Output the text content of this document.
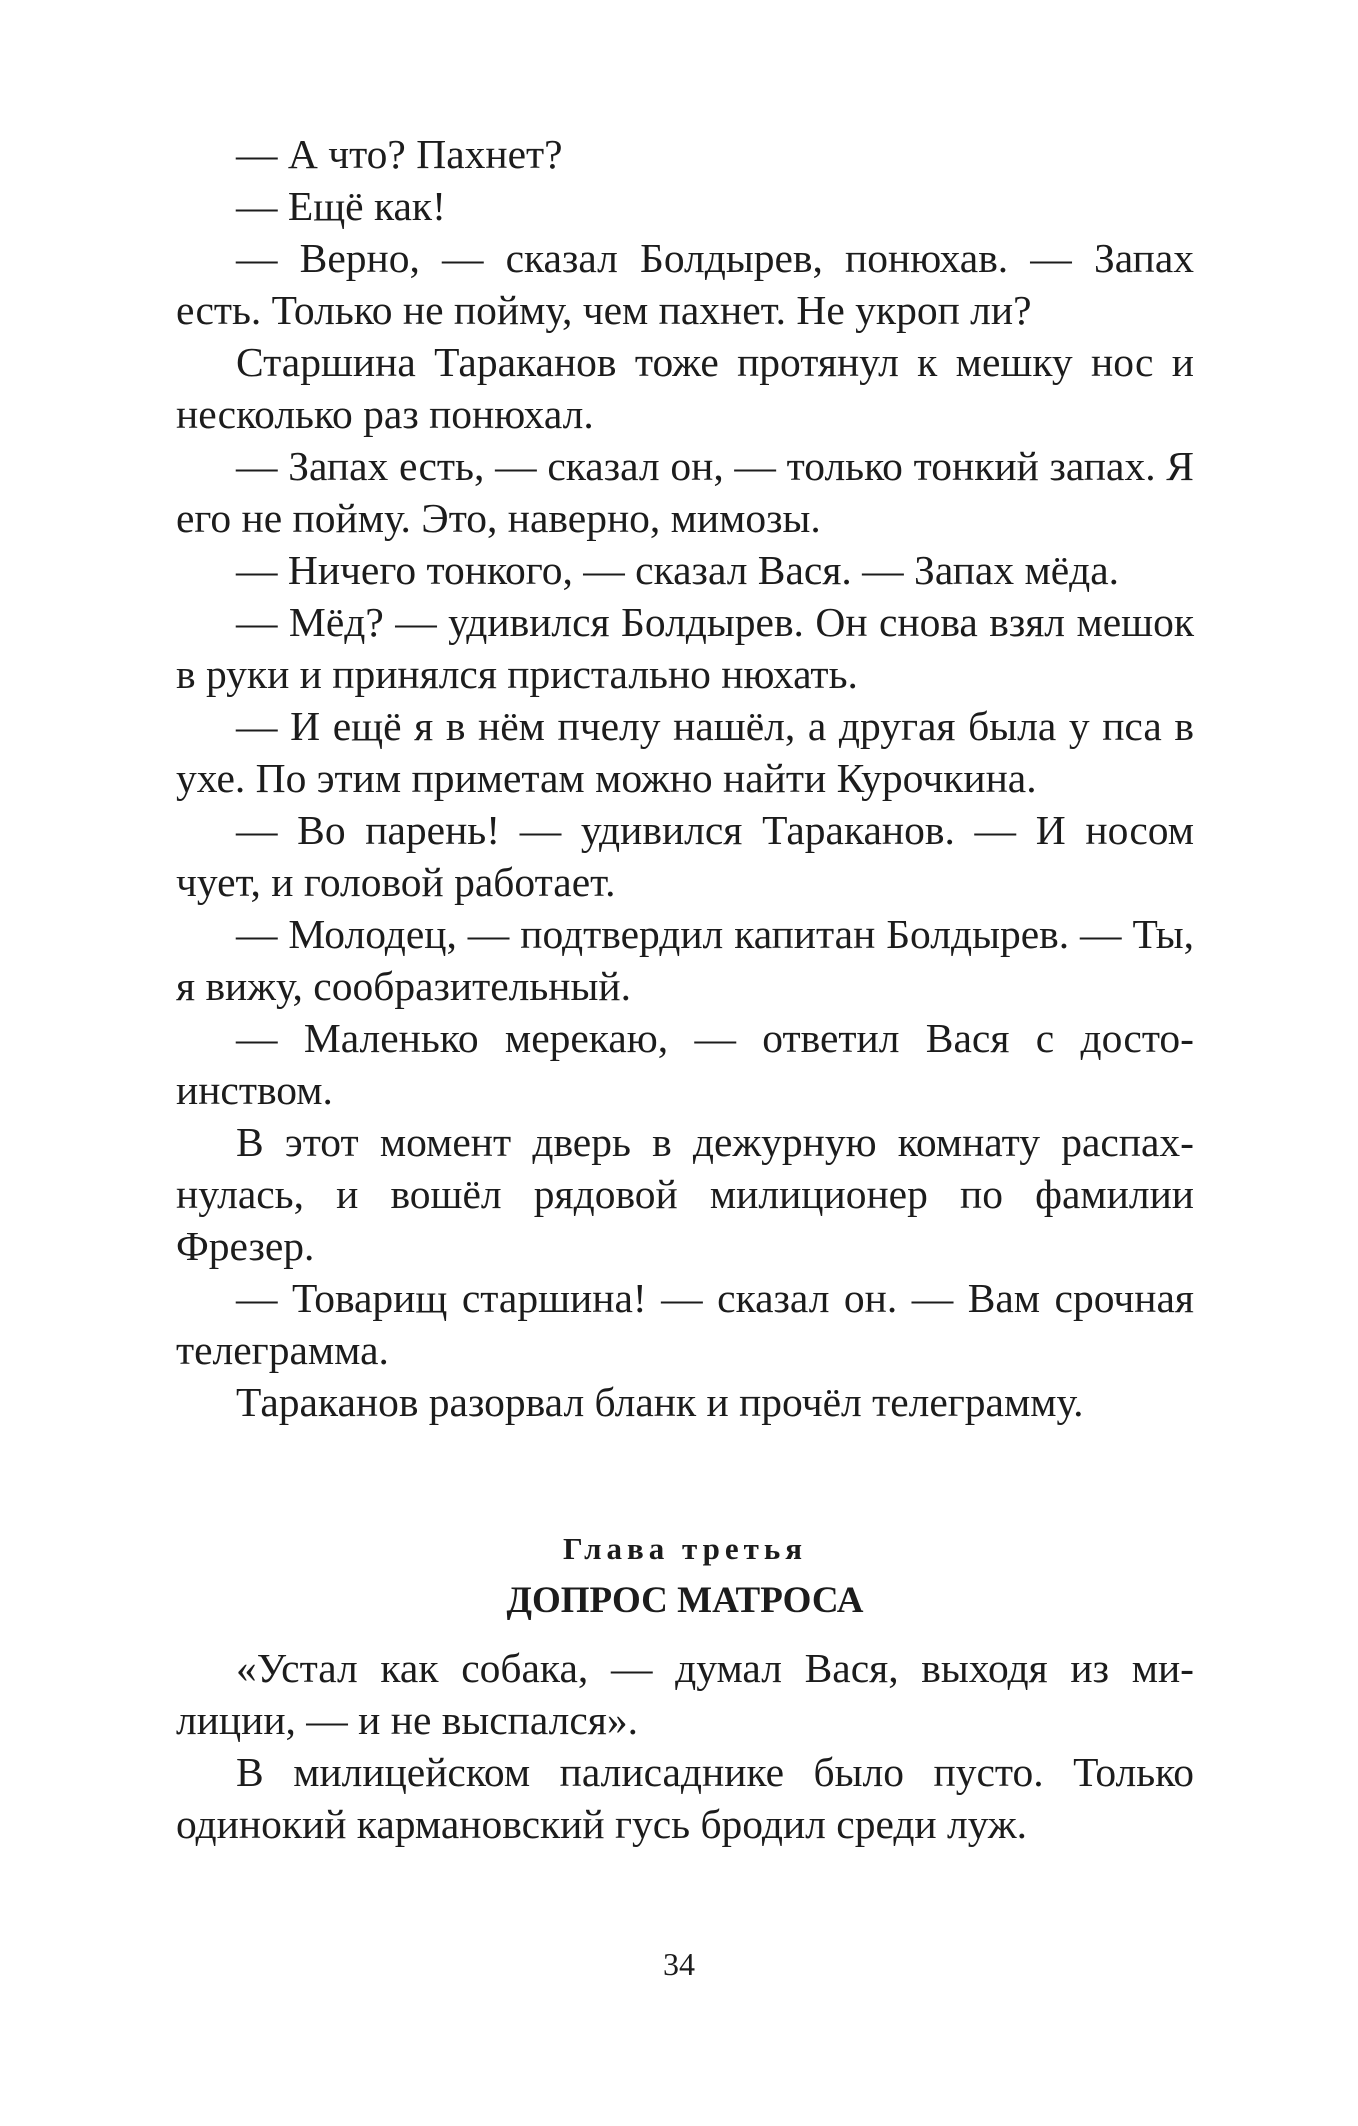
— А что? Пахнет?

— Ещё как!

— Верно, — сказал Болдырев, понюхав. — Запах есть. Только не пойму, чем пахнет. Не укроп ли?

Старшина Тараканов тоже протянул к мешку нос и несколько раз понюхал.

— Запах есть, — сказал он, — только тонкий запах. Я его не пойму. Это, наверно, мимозы.

— Ничего тонкого, — сказал Вася. — Запах мёда.

— Мёд? — удивился Болдырев. Он снова взял мешок в руки и принялся пристально нюхать.

— И ещё я в нём пчелу нашёл, а другая была у пса в ухе. По этим приметам можно найти Курочкина.

— Во парень! — удивился Тараканов. — И носом чует, и головой работает.

— Молодец, — подтвердил капитан Болдырев. — Ты, я вижу, сообразительный.

— Маленько мерекаю, — ответил Вася с достоинством.

В этот момент дверь в дежурную комнату распахнулась, и вошёл рядовой милиционер по фамилии Фрезер.

— Товарищ старшина! — сказал он. — Вам срочная телеграмма.

Тараканов разорвал бланк и прочёл телеграмму.

Глава третья
ДОПРОС МАТРОСА

«Устал как собака, — думал Вася, выходя из милиции, — и не выспался».

В милицейском палисаднике было пусто. Только одинокий кармановский гусь бродил среди луж.

34
